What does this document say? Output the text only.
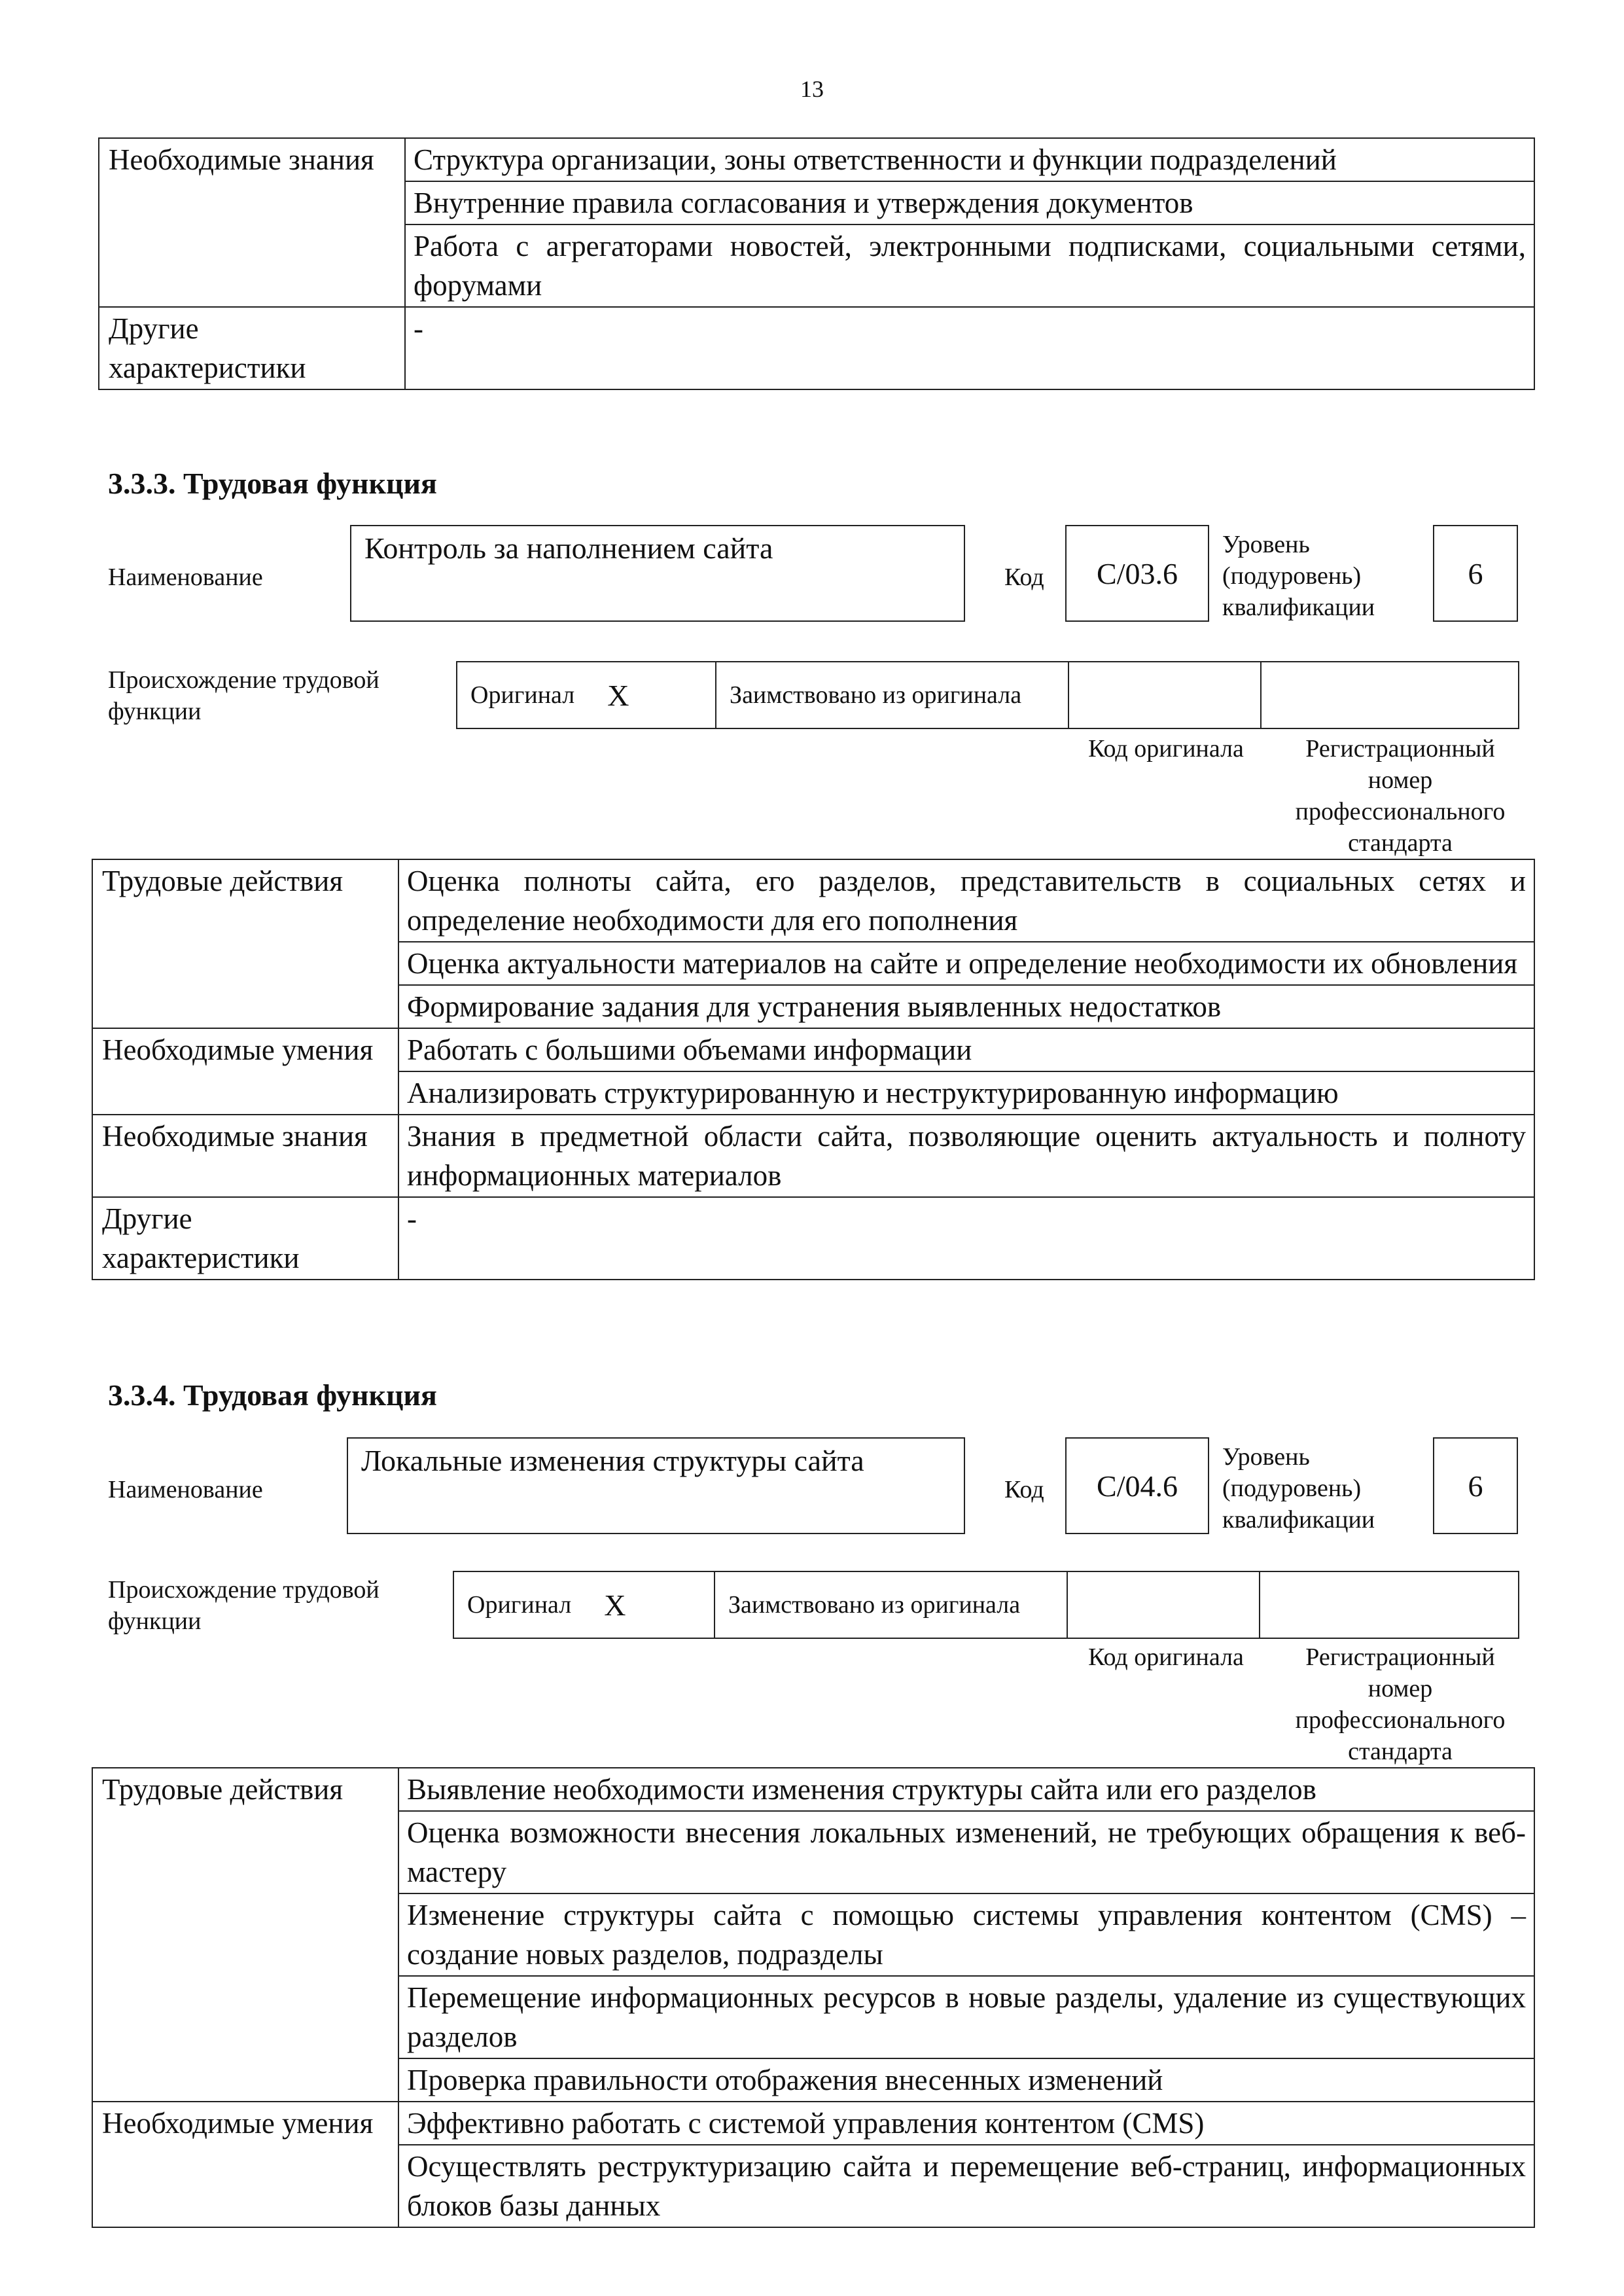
13
Необходимые знания	Структура организации, зоны ответственности и функции подразделений
	Внутренние правила согласования и утверждения документов
	Работа с агрегаторами новостей, электронными подписками, социальными сетями, форумами
Другие характеристики	-
3.3.3. Трудовая функция
Наименование
Контроль за наполнением сайта
Код	С/03.6
Уровень (подуровень) квалификации
6
Происхождение трудовой функции
Оригинал X	Заимствовано из оригинала
Код оригинала	Регистрационный номер профессионального стандарта
Трудовые действия	Оценка полноты сайта, его разделов, представительств в социальных сетях и определение необходимости для его пополнения
	Оценка актуальности материалов на сайте и определение необходимости их обновления
	Формирование задания для устранения выявленных недостатков
Необходимые умения	Работать с большими объемами информации
	Анализировать структурированную и неструктурированную информацию
Необходимые знания	Знания в предметной области сайта, позволяющие оценить актуальность и полноту информационных материалов
Другие характеристики	-
3.3.4. Трудовая функция
Наименование
Локальные изменения структуры сайта
Код	С/04.6
Уровень (подуровень) квалификации
6
Происхождение трудовой функции
Оригинал X	Заимствовано из оригинала
Код оригинала	Регистрационный номер профессионального стандарта
Трудовые действия	Выявление необходимости изменения структуры сайта или его разделов
	Оценка возможности внесения локальных изменений, не требующих обращения к веб-мастеру
	Изменение структуры сайта с помощью системы управления контентом (CMS) – создание новых разделов, подразделы
	Перемещение информационных ресурсов в новые разделы, удаление из существующих разделов
	Проверка правильности отображения внесенных изменений
Необходимые умения	Эффективно работать с системой управления контентом (CMS)
	Осуществлять реструктуризацию сайта и перемещение веб-страниц, информационных блоков базы данных
